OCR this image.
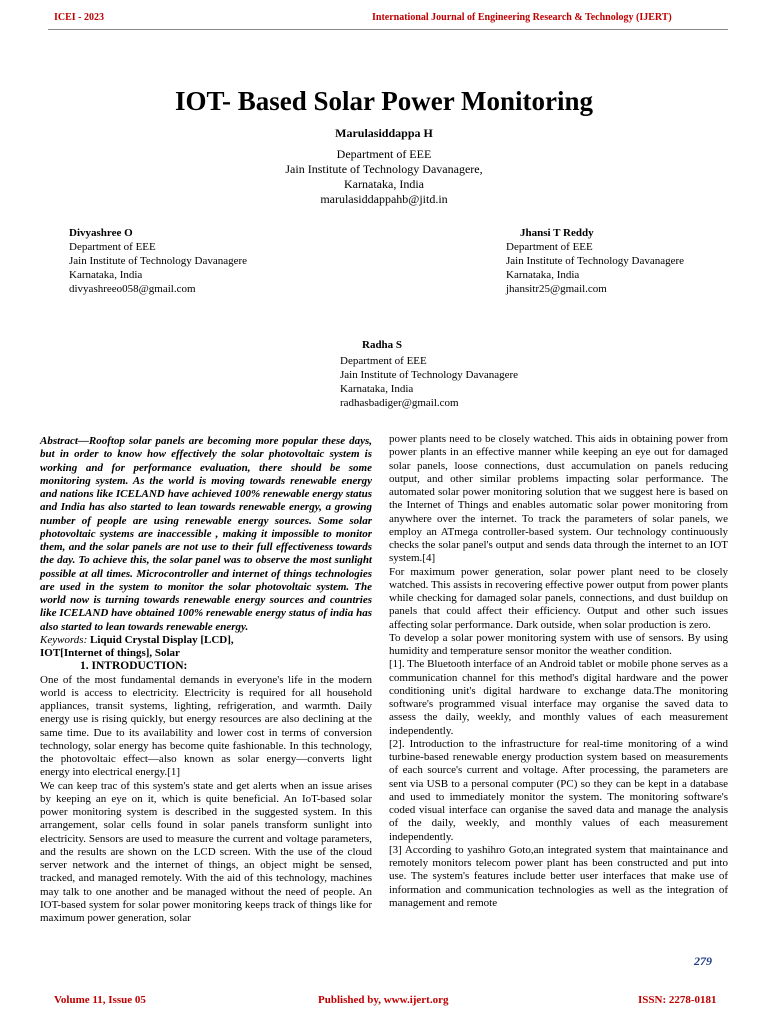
ICEI - 2023	International Journal of Engineering Research & Technology (IJERT)
IOT- Based Solar Power Monitoring
Marulasiddappa H
Department of EEE
Jain Institute of Technology Davanagere,
Karnataka, India
marulasiddappahb@jitd.in
Divyashree O
Department of EEE
Jain Institute of Technology Davanagere
Karnataka, India
divyashreeo058@gmail.com
Jhansi T Reddy
Department of EEE
Jain Institute of Technology Davanagere
Karnataka, India
jhansitr25@gmail.com
Radha S
Department of EEE
Jain Institute of Technology Davanagere
Karnataka, India
radhasbadiger@gmail.com

Abstract—Rooftop solar panels are becoming more popular these days, but in order to know how effectively the solar photovoltaic system is working and for performance evaluation, there should be some monitoring system. As the world is moving towards renewable energy and nations like ICELAND have achieved 100% renewable energy status and India has also started to lean towards renewable energy, a growing number of people are using renewable energy sources. Some solar photovoltaic systems are inaccessible , making it impossible to monitor them, and the solar panels are not use to their full effectiveness towards the day. To achieve this, the solar panel was to observe the most sunlight possible at all times. Microcontroller and internet of things technologies are used in the system to monitor the solar photovoltaic system. The world now is turning towards renewable energy sources and countries like ICELAND have obtained 100% renewable energy status of india has also started to lean towards renewable energy.

Keywords: Liquid Crystal Display [LCD],

IOT[Internet of things], Solar

1. INTRODUCTION:

One of the most fundamental demands in everyone's life in the modern world is access to electricity. Electricity is required for all household appliances, transit systems, lighting, refrigeration, and warmth. Daily energy use is rising quickly, but energy resources are also declining at the same time. Due to its availability and lower cost in terms of conversion technology, solar energy has become quite fashionable. In this technology, the photovoltaic effect—also known as solar energy—converts light energy into electrical energy.[1]

We can keep trac of this system's state and get alerts when an issue arises by keeping an eye on it, which is quite beneficial. An IoT-based solar power monitoring system is described in the suggested system. In this arrangement, solar cells found in solar panels transform sunlight into electricity. Sensors are used to measure the current and voltage parameters, and the results are shown on the LCD screen. With the use of the cloud server network and the internet of things, an object might be sensed, tracked, and managed remotely. With the aid of this technology, machines may talk to one another and be managed without the need of people. An IOT-based system for solar power monitoring keeps track of things like for maximum power generation, solar

power plants need to be closely watched. This aids in obtaining power from power plants in an effective manner while keeping an eye out for damaged solar panels, loose connections, dust accumulation on panels reducing output, and other similar problems impacting solar performance. The automated solar power monitoring solution that we suggest here is based on the Internet of Things and enables automatic solar power monitoring from anywhere over the internet. To track the parameters of solar panels, we employ an ATmega controller-based system. Our technology continuously checks the solar panel's output and sends data through the internet to an IOT system.[4]

For maximum power generation, solar power plant need to be closely watched. This assists in recovering effective power output from power plants while checking for damaged solar panels, connections, and dust buildup on panels that could affect their efficiency. Output and other such issues affecting solar performance. Dark outside, when solar production is zero.

To develop a solar power monitoring system with use of sensors. By using humidity and temperature sensor monitor the weather condition.

[1]. The Bluetooth interface of an Android tablet or mobile phone serves as a communication channel for this method's digital hardware and the power conditioning unit's digital hardware to exchange data.The monitoring software's programmed visual interface may organise the saved data to assess the daily, weekly, and monthly values of each measurement independently.

[2]. Introduction to the infrastructure for real-time monitoring of a wind turbine-based renewable energy production system based on measurements of each source's current and voltage. After processing, the parameters are sent via USB to a personal computer (PC) so they can be kept in a database and used to immediately monitor the system. The monitoring software's coded visual interface can organise the saved data and manage the analysis of the daily, weekly, and monthly values of each measurement independently.

[3] According to yashihro Goto,an integrated system that maintainance and remotely monitors telecom power plant has been constructed and put into use. The system's features include better user interfaces that make use of information and communication technologies as well as the integration of management and remote

279
Volume 11, Issue 05	Published by, www.ijert.org	ISSN: 2278-0181
